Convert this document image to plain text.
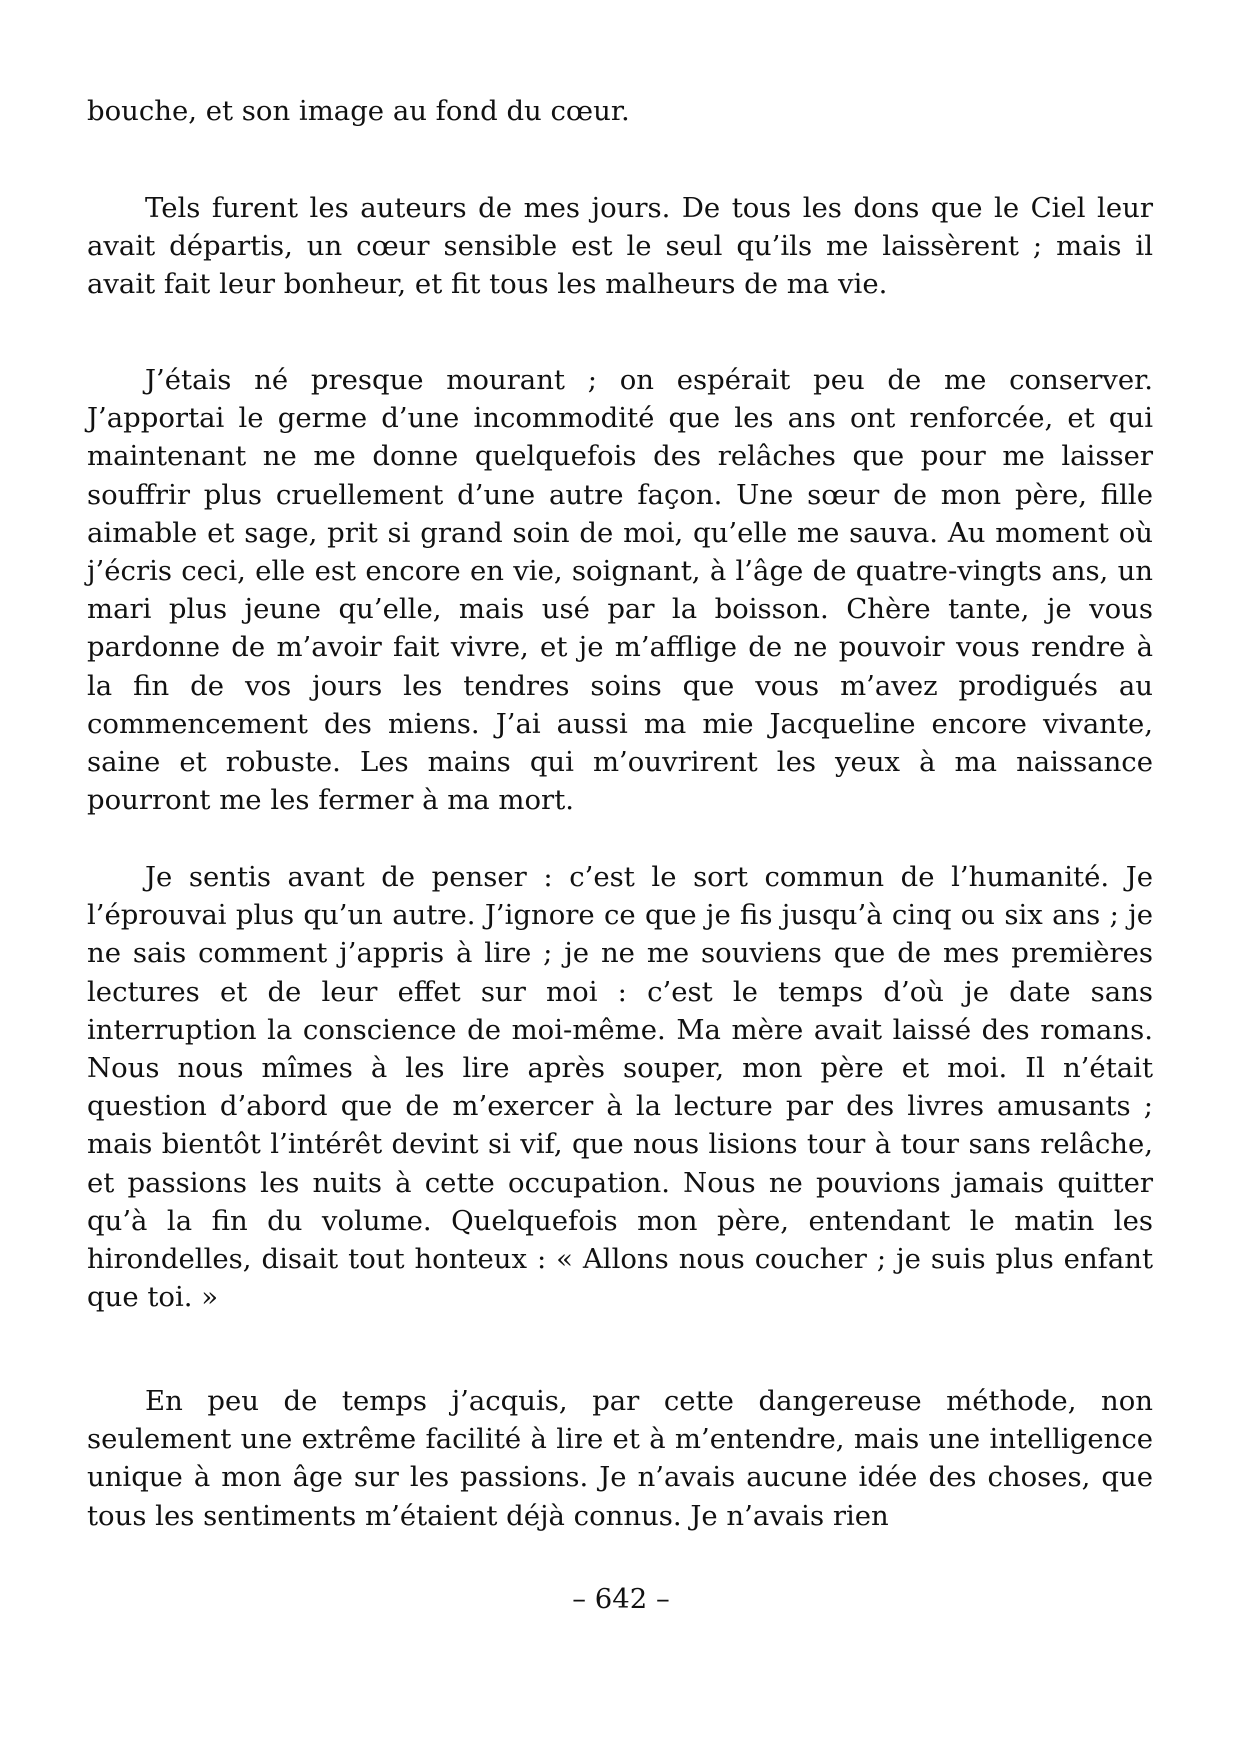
bouche, et son image au fond du cœur.

Tels furent les auteurs de mes jours. De tous les dons que le Ciel leur avait départis, un cœur sensible est le seul qu’ils me laissèrent ; mais il avait fait leur bonheur, et fit tous les malheurs de ma vie.

J’étais né presque mourant ; on espérait peu de me conserver. J’apportai le germe d’une incommodité que les ans ont renforcée, et qui maintenant ne me donne quelquefois des relâches que pour me laisser souffrir plus cruellement d’une autre façon. Une sœur de mon père, fille aimable et sage, prit si grand soin de moi, qu’elle me sauva. Au moment où j’écris ceci, elle est encore en vie, soignant, à l’âge de quatre-vingts ans, un mari plus jeune qu’elle, mais usé par la boisson. Chère tante, je vous pardonne de m’avoir fait vivre, et je m’afflige de ne pouvoir vous rendre à la fin de vos jours les tendres soins que vous m’avez prodigués au commencement des miens. J’ai aussi ma mie Jacqueline encore vivante, saine et robuste. Les mains qui m’ouvrirent les yeux à ma naissance pourront me les fermer à ma mort.

Je sentis avant de penser : c’est le sort commun de l’humanité. Je l’éprouvai plus qu’un autre. J’ignore ce que je fis jusqu’à cinq ou six ans ; je ne sais comment j’appris à lire ; je ne me souviens que de mes premières lectures et de leur effet sur moi : c’est le temps d’où je date sans interruption la conscience de moi-même. Ma mère avait laissé des romans. Nous nous mîmes à les lire après souper, mon père et moi. Il n’était question d’abord que de m’exercer à la lecture par des livres amusants ; mais bientôt l’intérêt devint si vif, que nous lisions tour à tour sans relâche, et passions les nuits à cette occupation. Nous ne pouvions jamais quitter qu’à la fin du volume. Quelquefois mon père, entendant le matin les hirondelles, disait tout honteux : « Allons nous coucher ; je suis plus enfant que toi. »

En peu de temps j’acquis, par cette dangereuse méthode, non seulement une extrême facilité à lire et à m’entendre, mais une intelligence unique à mon âge sur les passions. Je n’avais aucune idée des choses, que tous les sentiments m’étaient déjà connus. Je n’avais rien

– 642 –
